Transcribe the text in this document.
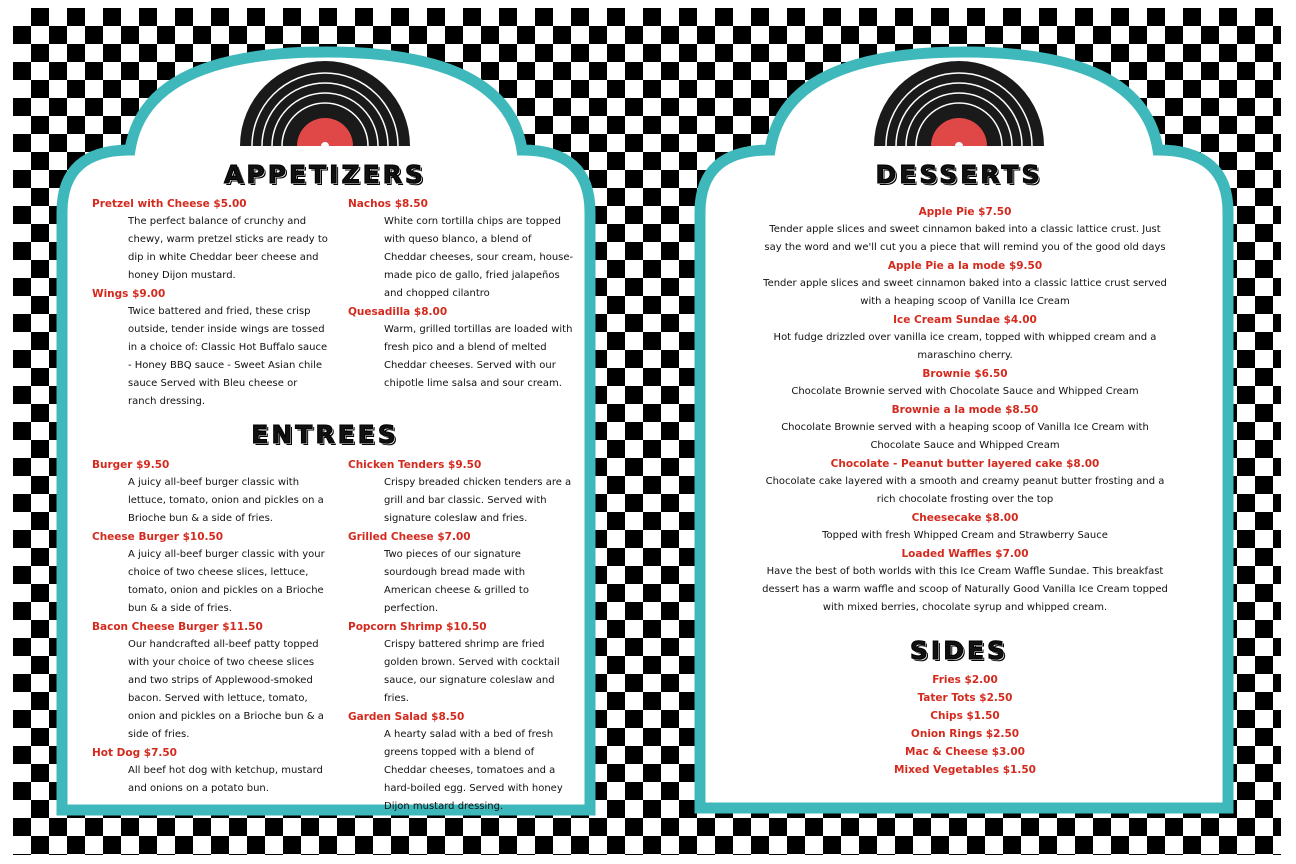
APPETIZERS
Pretzel with Cheese $5.00
The perfect balance of crunchy and chewy, warm pretzel sticks are ready to dip in white Cheddar beer cheese and honey Dijon mustard.
Wings $9.00
Twice battered and fried, these crisp outside, tender inside wings are tossed in a choice of: Classic Hot Buffalo sauce - Honey BBQ sauce - Sweet Asian chile sauce Served with Bleu cheese or ranch dressing.
Nachos $8.50
White corn tortilla chips are topped with queso blanco, a blend of Cheddar cheeses, sour cream, house-made pico de gallo, fried jalapeños and chopped cilantro
Quesadilla $8.00
Warm, grilled tortillas are loaded with fresh pico and a blend of melted Cheddar cheeses. Served with our chipotle lime salsa and sour cream.
ENTREES
Burger $9.50
A juicy all-beef burger classic with lettuce, tomato, onion and pickles on a Brioche bun & a side of fries.
Cheese Burger $10.50
A juicy all-beef burger classic with your choice of two cheese slices, lettuce, tomato, onion and pickles on a Brioche bun & a side of fries.
Bacon Cheese Burger $11.50
Our handcrafted all-beef patty topped with your choice of two cheese slices and two strips of Applewood-smoked bacon. Served with lettuce, tomato, onion and pickles on a Brioche bun & a side of fries.
Hot Dog $7.50
All beef hot dog with ketchup, mustard and onions on a potato bun.
Chicken Tenders $9.50
Crispy breaded chicken tenders are a grill and bar classic. Served with signature coleslaw and fries.
Grilled Cheese $7.00
Two pieces of our signature sourdough bread made with American cheese & grilled to perfection.
Popcorn Shrimp $10.50
Crispy battered shrimp are fried golden brown. Served with cocktail sauce, our signature coleslaw and fries.
Garden Salad $8.50
A hearty salad with a bed of fresh greens topped with a blend of Cheddar cheeses, tomatoes and a hard-boiled egg. Served with honey Dijon mustard dressing.
DESSERTS
Apple Pie $7.50
Tender apple slices and sweet cinnamon baked into a classic lattice crust. Just say the word and we'll cut you a piece that will remind you of the good old days
Apple Pie a la mode $9.50
Tender apple slices and sweet cinnamon baked into a classic lattice crust served with a heaping scoop of Vanilla Ice Cream
Ice Cream Sundae $4.00
Hot fudge drizzled over vanilla ice cream, topped with whipped cream and a maraschino cherry.
Brownie $6.50
Chocolate Brownie served with Chocolate Sauce and Whipped Cream
Brownie a la mode $8.50
Chocolate Brownie served with a heaping scoop of Vanilla Ice Cream with Chocolate Sauce and Whipped Cream
Chocolate - Peanut butter layered cake $8.00
Chocolate cake layered with a smooth and creamy peanut butter frosting and a rich chocolate frosting over the top
Cheesecake $8.00
Topped with fresh Whipped Cream and Strawberry Sauce
Loaded Waffles $7.00
Have the best of both worlds with this Ice Cream Waffle Sundae. This breakfast dessert has a warm waffle and scoop of Naturally Good Vanilla Ice Cream topped with mixed berries, chocolate syrup and whipped cream.
SIDES
Fries $2.00
Tater Tots $2.50
Chips $1.50
Onion Rings $2.50
Mac & Cheese $3.00
Mixed Vegetables $1.50
